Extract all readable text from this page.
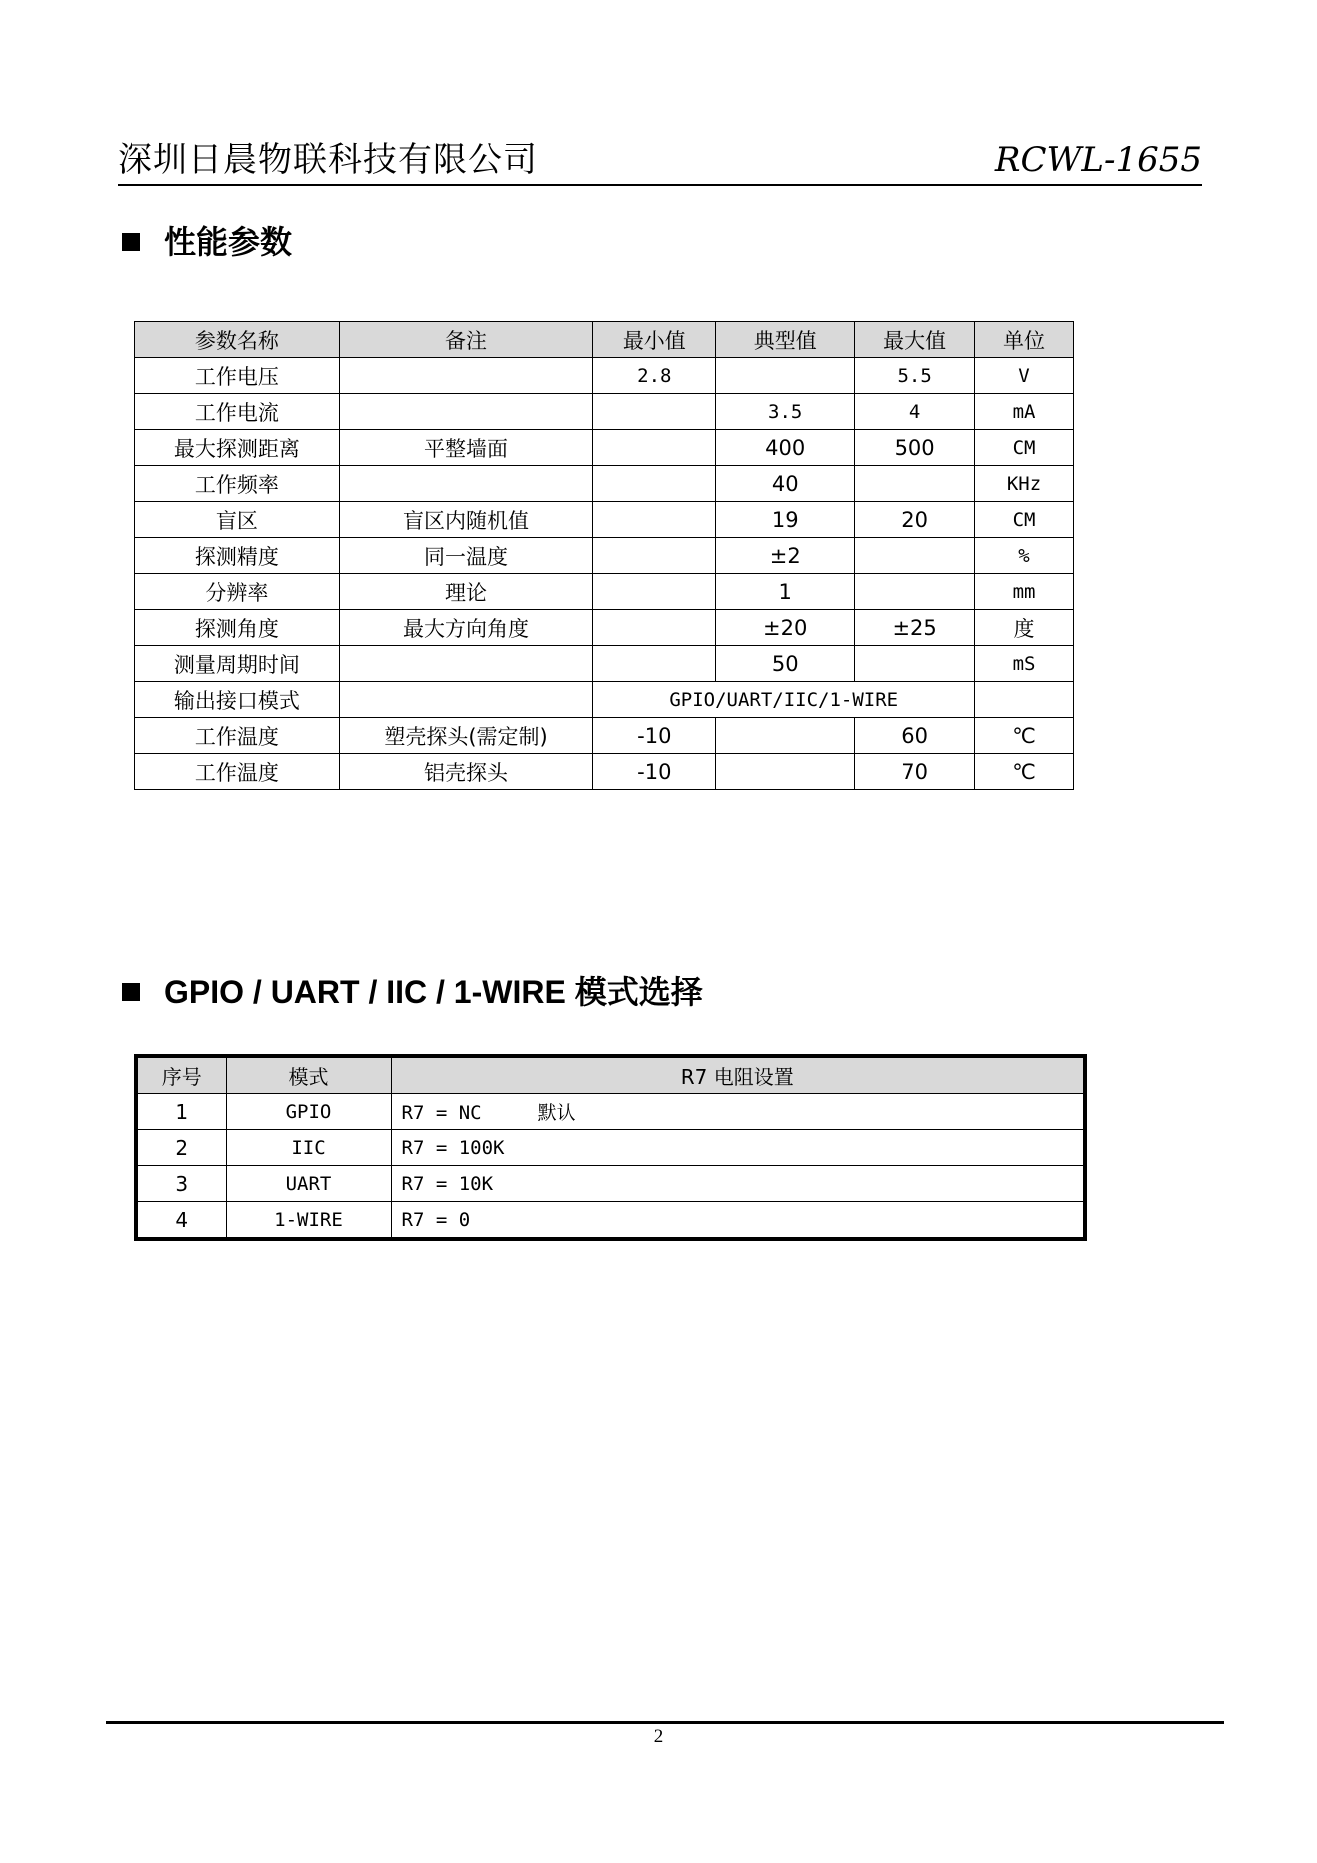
深圳日晨物联科技有限公司	RCWL-1655
性能参数
参数名称	备注	最小值	典型值	最大值	单位
工作电压		2.8		5.5	V
工作电流			3.5	4	mA
最大探测距离	平整墙面		400	500	CM
工作频率			40		KHz
盲区	盲区内随机值		19	20	CM
探测精度	同一温度		±2		%
分辨率	理论		1		mm
探测角度	最大方向角度		±20	±25	度
测量周期时间			50		mS
输出接口模式		GPIO/UART/IIC/1-WIRE			
工作温度	塑壳探头(需定制)	-10		60	℃
工作温度	铝壳探头	-10		70	℃
GPIO / UART / IIC / 1-WIRE 模式选择
序号	模式	R7 电阻设置
1	GPIO	R7 = NC 默认
2	IIC	R7 = 100K
3	UART	R7 = 10K
4	1-WIRE	R7 = 0
2
